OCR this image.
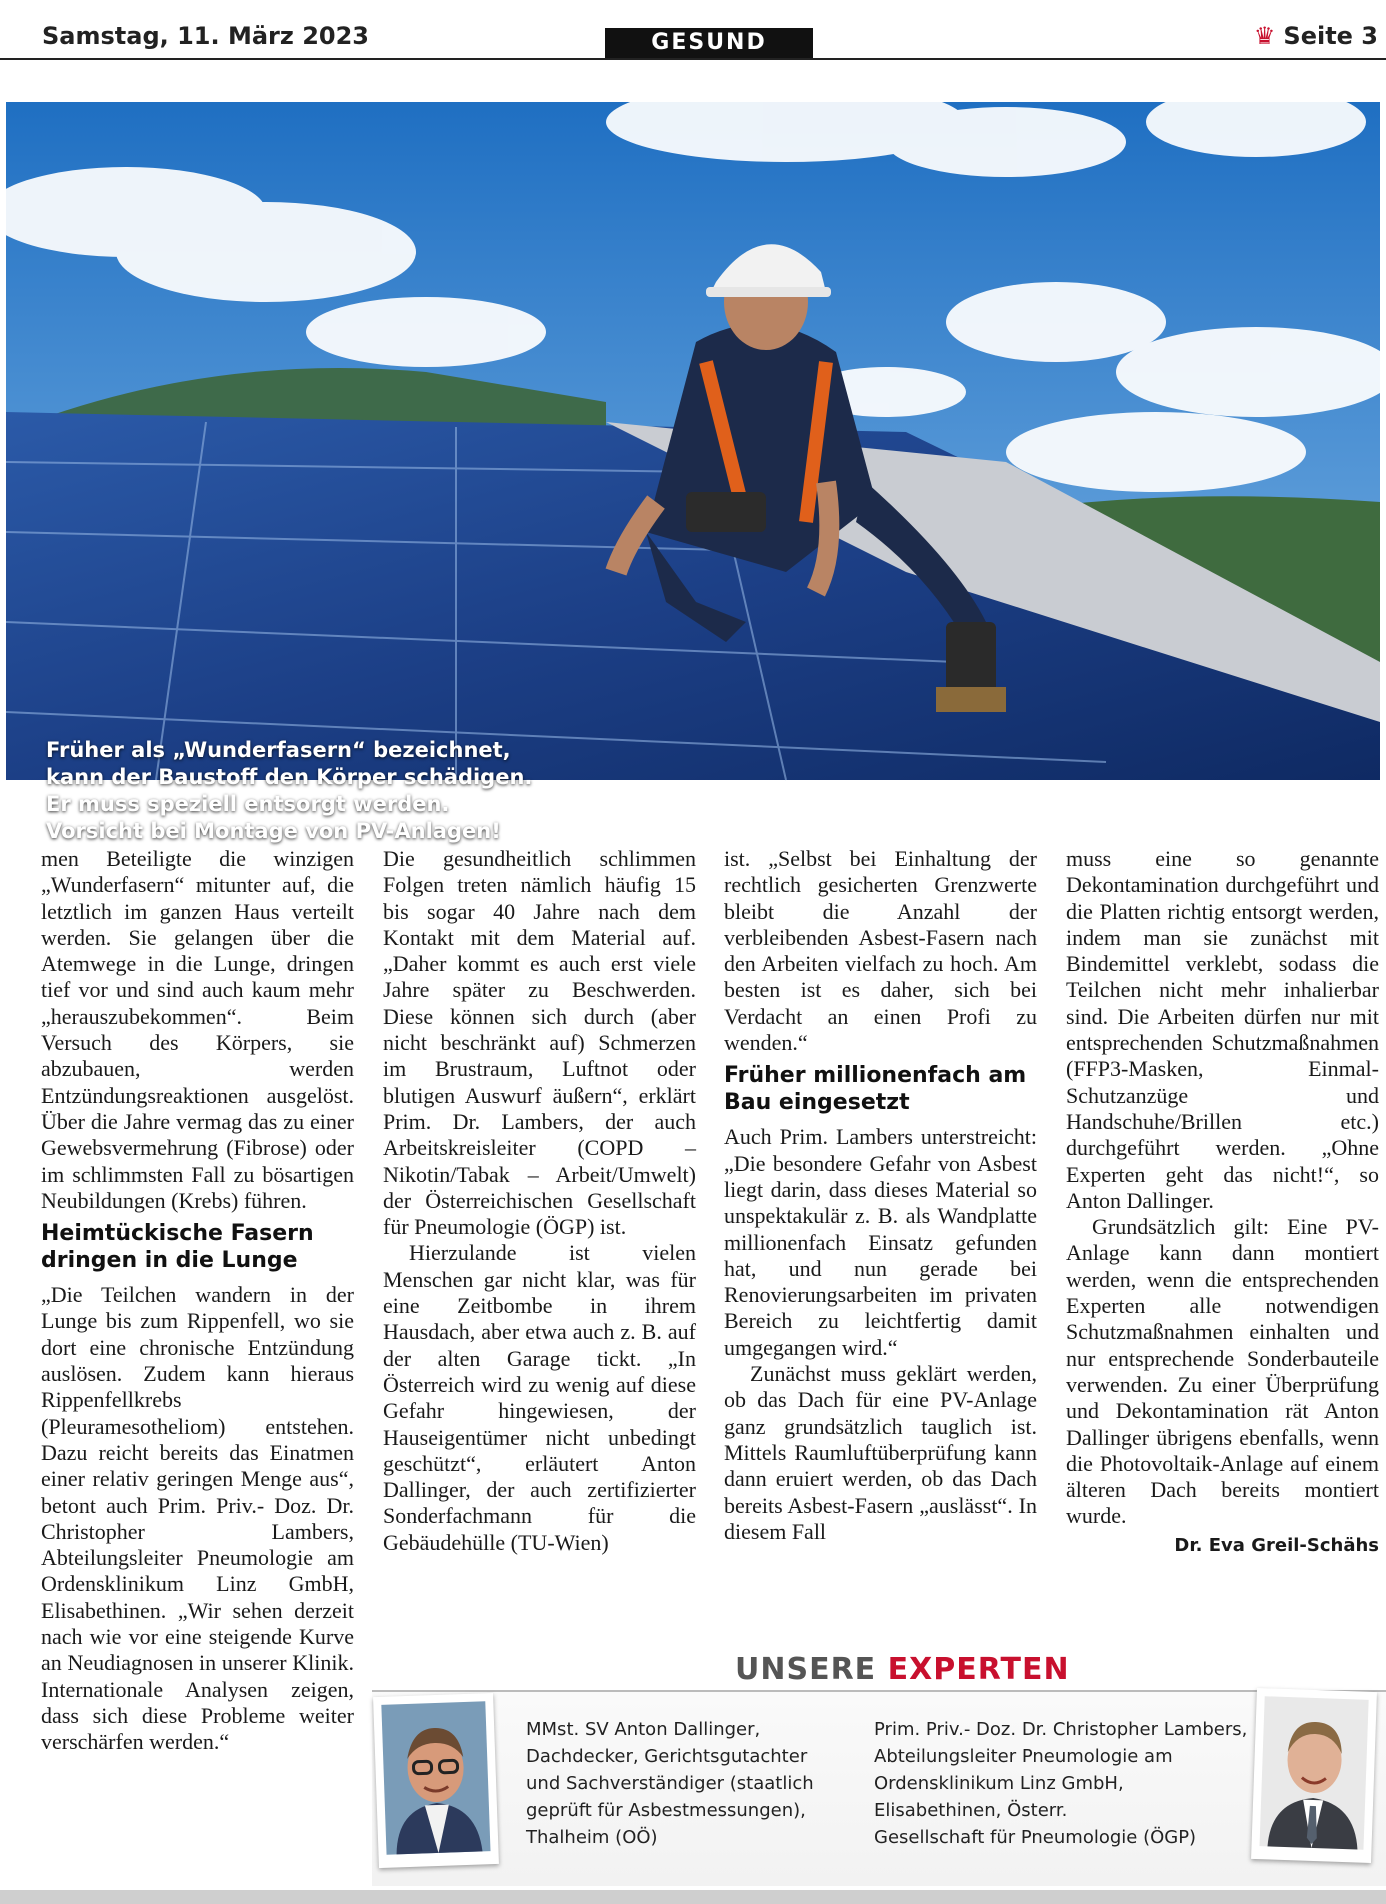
Samstag, 11. März 2023	GESUND	♛ Seite 3
Früher als „Wunderfasern“ bezeichnet,
kann der Baustoff den Körper schädigen.
Er muss speziell entsorgt werden.
Vorsicht bei Montage von PV-Anlagen!

men Beteiligte die winzigen „Wunderfasern“ mitunter auf, die letztlich im ganzen Haus verteilt werden. Sie gelangen über die Atemwege in die Lunge, dringen tief vor und sind auch kaum mehr „herauszubekommen“. Beim Versuch des Körpers, sie abzubauen, werden Entzündungsreaktionen ausgelöst. Über die Jahre vermag das zu einer Gewebsvermehrung (Fibrose) oder im schlimmsten Fall zu bösartigen Neubildungen (Krebs) führen.

Heimtückische Fasern dringen in die Lunge

„Die Teilchen wandern in der Lunge bis zum Rippenfell, wo sie dort eine chronische Entzündung auslösen. Zudem kann hieraus Rippenfellkrebs (Pleuramesotheliom) entstehen. Dazu reicht bereits das Einatmen einer relativ geringen Menge aus“, betont auch Prim. Priv.- Doz. Dr. Christopher Lambers, Abteilungsleiter Pneumologie am Ordensklinikum Linz GmbH, Elisabethinen. „Wir sehen derzeit nach wie vor eine steigende Kurve an Neudiagnosen in unserer Klinik. Internationale Analysen zeigen, dass sich diese Probleme weiter verschärfen werden.“

Die gesundheitlich schlimmen Folgen treten nämlich häufig 15 bis sogar 40 Jahre nach dem Kontakt mit dem Material auf. „Daher kommt es auch erst viele Jahre später zu Beschwerden. Diese können sich durch (aber nicht beschränkt auf) Schmerzen im Brustraum, Luftnot oder blutigen Auswurf äußern“, erklärt Prim. Dr. Lambers, der auch Arbeitskreisleiter (COPD – Nikotin/Tabak – Arbeit/Umwelt) der Österreichischen Gesellschaft für Pneumologie (ÖGP) ist.

Hierzulande ist vielen Menschen gar nicht klar, was für eine Zeitbombe in ihrem Hausdach, aber etwa auch z. B. auf der alten Garage tickt. „In Österreich wird zu wenig auf diese Gefahr hingewiesen, der Hauseigentümer nicht unbedingt geschützt“, erläutert Anton Dallinger, der auch zertifizierter Sonderfachmann für die Gebäudehülle (TU-Wien)

ist. „Selbst bei Einhaltung der rechtlich gesicherten Grenzwerte bleibt die Anzahl der verbleibenden Asbest-Fasern nach den Arbeiten vielfach zu hoch. Am besten ist es daher, sich bei Verdacht an einen Profi zu wenden.“

Früher millionenfach am Bau eingesetzt

Auch Prim. Lambers unterstreicht: „Die besondere Gefahr von Asbest liegt darin, dass dieses Material so unspektakulär z. B. als Wandplatte millionenfach Einsatz gefunden hat, und nun gerade bei Renovierungsarbeiten im privaten Bereich zu leichtfertig damit umgegangen wird.“

Zunächst muss geklärt werden, ob das Dach für eine PV-Anlage ganz grundsätzlich tauglich ist. Mittels Raumluftüberprüfung kann dann eruiert werden, ob das Dach bereits Asbest-Fasern „auslässt“. In diesem Fall

muss eine so genannte Dekontamination durchgeführt und die Platten richtig entsorgt werden, indem man sie zunächst mit Bindemittel verklebt, sodass die Teilchen nicht mehr inhalierbar sind. Die Arbeiten dürfen nur mit entsprechenden Schutzmaßnahmen (FFP3-Masken, Einmal-Schutzanzüge und Handschuhe/Brillen etc.) durchgeführt werden. „Ohne Experten geht das nicht!“, so Anton Dallinger.

Grundsätzlich gilt: Eine PV-Anlage kann dann montiert werden, wenn die entsprechenden Experten alle notwendigen Schutzmaßnahmen einhalten und nur entsprechende Sonderbauteile verwenden. Zu einer Überprüfung und Dekontamination rät Anton Dallinger übrigens ebenfalls, wenn die Photovoltaik-Anlage auf einem älteren Dach bereits montiert wurde.

Dr. Eva Greil-Schähs
UNSERE EXPERTEN
MMst. SV Anton Dallinger,
Dachdecker, Gerichtsgutachter
und Sachverständiger (staatlich
geprüft für Asbestmessungen),
Thalheim (OÖ)
Prim. Priv.- Doz. Dr. Christopher Lambers,
Abteilungsleiter Pneumologie am
Ordensklinikum Linz GmbH,
Elisabethinen, Österr.
Gesellschaft für Pneumologie (ÖGP)
